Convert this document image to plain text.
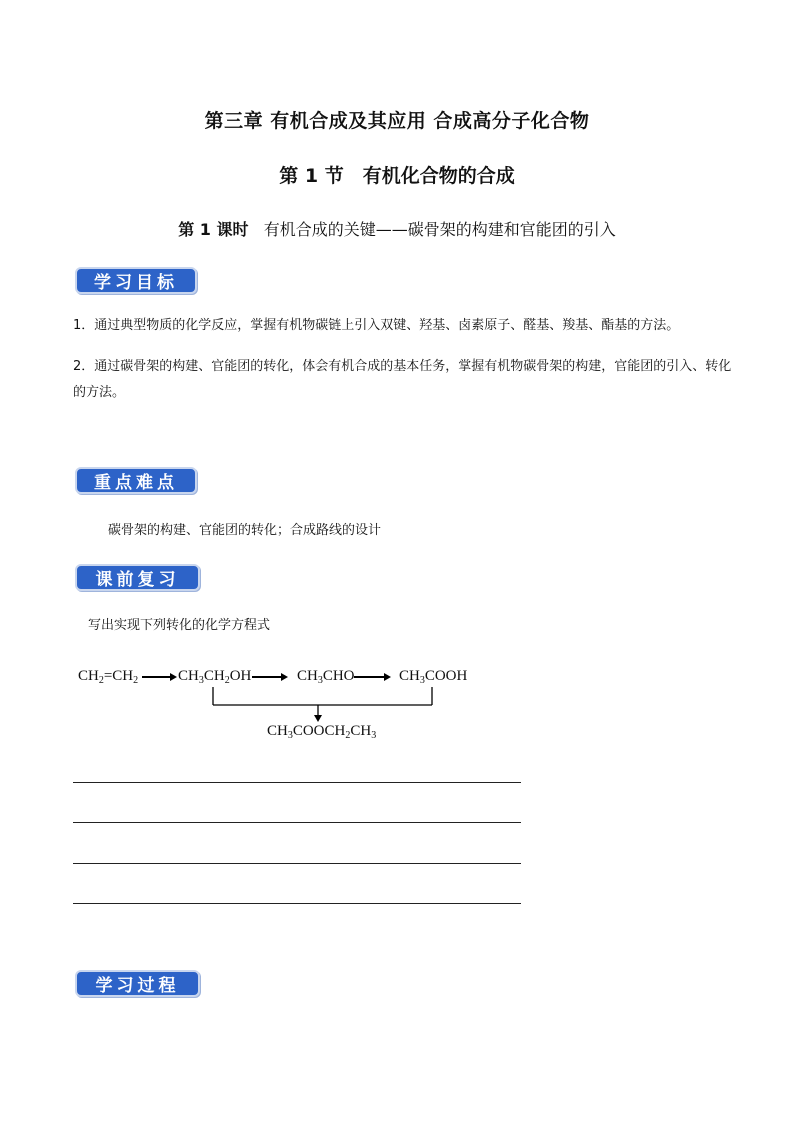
第三章 有机合成及其应用 合成高分子化合物
第 1 节　有机化合物的合成
第 1 课时 有机合成的关键——碳骨架的构建和官能团的引入
学习目标
1．通过典型物质的化学反应，掌握有机物碳链上引入双键、羟基、卤素原子、醛基、羧基、酯基的方法。
2．通过碳骨架的构建、官能团的转化，体会有机合成的基本任务，掌握有机物碳骨架的构建，官能团的引入、转化的方法。
重点难点
碳骨架的构建、官能团的转化；合成路线的设计
课前复习
写出实现下列转化的化学方程式
$CH_2=CH_2$	$CH_3CH_2OH$	$CH_3CHO$	$CH_3COOH$
$CH_3COOCH_2CH_3$
学习过程
